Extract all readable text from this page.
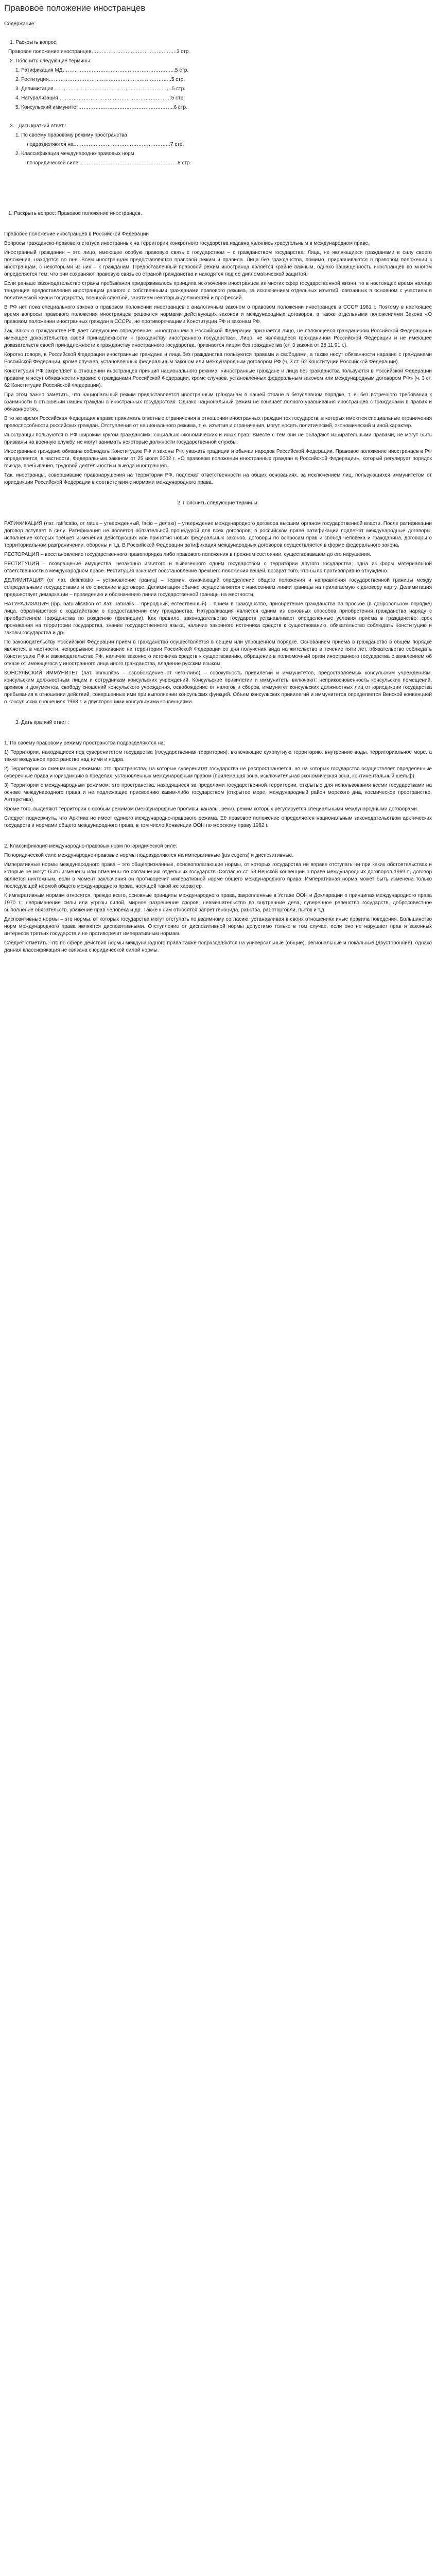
Правовое положение иностранцев

Содержание:

1. Раскрыть вопрос:

Правовое положение иностранцев…………………………………………..3 стр.

2. Пояснить следующие термины:

1. Ратификация МД………………………………………………………...5 стр.

2. Реституция……………………………………………………………...5 стр.

3. Делимитация……………………………………………………………5 стр.

4. Натурализация…………………………………………………………5 стр.

5. Консульский иммунитет………………………………………………..6 стр.

3.   Дать краткий ответ :

1. По своему правовому режиму пространства

подразделяются на:………………………………………………..7 стр.

2. Классификация международно-правовых норм

по юридической силе:…………………………………………………8 стр.

1. Раскрыть вопрос: Правовое положение иностранцев.

Правовое положение иностранцев в Российской Федерации

Вопросы гражданско-правового статуса иностранных на территории конкретного государства издавна являлись краеугольным в международном праве.

Иностранный гражданин – это лицо, имеющее особую правовую связь с государством – с гражданством государства. Лица, не являющиеся гражданами в силу своего положения, находятся во вне. Всем иностранцам предоставляются правовой режим и правила. Лица без гражданства, помимо, приравниваются в правовом положении к иностранцам, с некоторыми из них – к гражданам. Предоставленный правовой режим иностранца является крайне важным, однако защищенность иностранцев во многом определяется тем, что они сохраняют правовую связь со страной гражданства и находятся под ее дипломатической защитой.

Если раньше законодательство страны пребывания придерживалось принципа исключения иностранцев из многих сфер государственной жизни, то в настоящее время налицо тенденция предоставления иностранцам равного с собственными гражданами правового режима, за исключением отдельных изъятий, связанных в основном с участием в политической жизни государства, военной службой, занятием некоторых должностей и профессий.

В РФ нет пока специального закона о правовом положении иностранцев с аналогичным законом о правовом положении иностранцев в СССР 1981 г. Поэтому в настоящее время вопросы правового положения иностранцев решаются нормами действующих законов и международных договоров, а также отдельными положениями Закона «О правовом положении иностранных граждан в СССР», не противоречащими Конституции РФ и законам РФ.

Так, Закон о гражданстве РФ дает следующее определение: «иностранцем в Российской Федерации признается лицо, не являющееся гражданином Российской Федерации и имеющее доказательства своей принадлежности к гражданству иностранного государства». Лицо, не являющееся гражданином Российской Федерации и не имеющее доказательств своей принадлежности к гражданству иностранного государства, признается лицом без гражданства (ст. 3 закона от 28.11.91 г.).

Коротко говоря, в Российской Федерации иностранные граждане и лица без гражданства пользуются правами и свободами, а также несут обязанности наравне с гражданами Российской Федерации, кроме случаев, установленных федеральным законом или международным договором РФ (ч. 3 ст. 62 Конституции Российской Федерации).

Конституция РФ закрепляет в отношении иностранцев принцип национального режима: «иностранные граждане и лица без гражданства пользуются в Российской Федерации правами и несут обязанности наравне с гражданами Российской Федерации, кроме случаев, установленных федеральным законом или международным договором РФ» (ч. 3 ст. 62 Конституции Российской Федерации).

При этом важно заметить, что национальный режим предоставляется иностранным гражданам в нашей стране в безусловном порядке, т. е. без встречного требования к взаимности в отношении наших граждан в иностранных государствах. Однако национальный режим не означает полного уравнивания иностранцев с гражданами в правах и обязанностях.

В то же время Российская Федерация вправе принимать ответные ограничения в отношении иностранных граждан тех государств, в которых имеются специальные ограничения правоспособности российских граждан. Отступления от национального режима, т. е. изъятия и ограничения, могут носить политический, экономический и иной характер.

Иностранцы пользуются в РФ широким кругом гражданских, социально-экономических и иных прав. Вместе с тем они не обладают избирательными правами, не могут быть призваны на военную службу, не могут занимать некоторые должности государственной службы.

Иностранные граждане обязаны соблюдать Конституцию РФ и законы РФ, уважать традиции и обычаи народов Российской Федерации. Правовое положение иностранцев в РФ определяется, в частности, Федеральным законом от 25 июля 2002 г. «О правовом положении иностранных граждан в Российской Федерации», который регулирует порядок въезда, пребывания, трудовой деятельности и выезда иностранцев.

Так, иностранцы, совершившие правонарушения на территории РФ, подлежат ответственности на общих основаниях, за исключением лиц, пользующихся иммунитетом от юрисдикции Российской Федерации в соответствии с нормами международного права.

2. Пояснить следующие термины:

РАТИФИКАЦИЯ (лат. ratificatio, от ratus – утвержденный, facio – делаю) – утверждение международного договора высшим органом государственной власти. После ратификации договор вступает в силу. Ратификация не является обязательной процедурой для всех договоров; в российском праве ратификации подлежат международные договоры, исполнение которых требует изменения действующих или принятия новых федеральных законов, договоры по вопросам прав и свобод человека и гражданина, договоры о территориальном разграничении, обороны и т.д. В Российской Федерации ратификация международных договоров осуществляется в форме федерального закона.

РЕСТОРАЦИЯ – восстановление государственного правопорядка либо правового положения в прежнем состоянии, существовавшем до его нарушения.

РЕСТИТУЦИЯ – возвращение имущества, незаконно изъятого и вывезенного одним государством с территории другого государства; одна из форм материальной ответственности в международном праве. Реституция означает восстановление прежнего положения вещей, возврат того, что было противоправно отчуждено.

ДЕЛИМИТАЦИЯ (от лат. delimitatio – установление границ) – термин, означающий определение общего положения и направления государственной границы между сопредельными государствами и ее описание в договоре. Делимитация обычно осуществляется с нанесением линии границы на прилагаемую к договору карту. Делимитация предшествует демаркации – проведению и обозначению линии государственной границы на местности.

НАТУРАЛИЗАЦИЯ (фр. naturalisation от лат. naturalis – природный, естественный) – прием в гражданство, приобретение гражданства по просьбе (в добровольном порядке) лица, обратившегося с ходатайством о предоставлении ему гражданства. Натурализация является одним из основных способов приобретения гражданства наряду с приобретением гражданства по рождению (филиации). Как правило, законодательство государств устанавливает определенные условия приема в гражданство: срок проживания на территории государства, знание государственного языка, наличие законного источника средств к существованию, обязательство соблюдать Конституцию и законы государства и др.

По законодательству Российской Федерации прием в гражданство осуществляется в общем или упрощенном порядке. Основанием приема в гражданство в общем порядке является, в частности, непрерывное проживание на территории Российской Федерации со дня получения вида на жительство в течение пяти лет, обязательство соблюдать Конституцию РФ и законодательство РФ, наличие законного источника средств к существованию, обращение в полномочный орган иностранного государства с заявлением об отказе от имеющегося у иностранного лица иного гражданства, владение русским языком.

КОНСУЛЬСКИЙ ИММУНИТЕТ (лат. immunitas – освобождение от чего-либо) – совокупность привилегий и иммунитетов, предоставляемых консульским учреждениям, консульским должностным лицам и сотрудникам консульских учреждений. Консульские привилегии и иммунитеты включают: неприкосновенность консульских помещений, архивов и документов, свободу сношений консульского учреждения, освобождение от налогов и сборов, иммунитет консульских должностных лиц от юрисдикции государства пребывания в отношении действий, совершенных ими при выполнении консульских функций. Объем консульских привилегий и иммунитетов определяется Венской конвенцией о консульских сношениях 1963 г. и двусторонними консульскими конвенциями.

3. Дать краткий ответ :

1. По своему правовому режиму пространства подразделяются на:

1) Территории, находящиеся под суверенитетом государства (государственная территория), включающие сухопутную территорию, внутренние воды, территориальное море, а также воздушное пространство над ними и недра.

2) Территории со смешанным режимом: это пространства, на которые суверенитет государства не распространяется, но на которых государство осуществляет определенные суверенные права и юрисдикцию в пределах, установленных международным правом (прилежащая зона, исключительная экономическая зона, континентальный шельф).

3) Территории с международным режимом: это пространства, находящиеся за пределами государственной территории, открытые для использования всеми государствами на основе международного права и не подлежащие присвоению каким-либо государством (открытое море, международный район морского дна, космическое пространство, Антарктика).

Кроме того, выделяют территории с особым режимом (международные проливы, каналы, реки), режим которых регулируется специальными международными договорами.

Следует подчеркнуть, что Арктика не имеет единого международно-правового режима. Её правовое положение определяется национальным законодательством арктических государств и нормами общего международного права, в том числе Конвенции ООН по морскому праву 1982 г.

2. Классификация международно-правовых норм по юридической силе:

По юридической силе международно-правовые нормы подразделяются на императивные (jus cogens) и диспозитивные.

Императивные нормы международного права – это общепризнанные, основополагающие нормы, от которых государства не вправе отступать ни при каких обстоятельствах и которые не могут быть изменены или отменены по соглашению отдельных государств. Согласно ст. 53 Венской конвенции о праве международных договоров 1969 г., договор является ничтожным, если в момент заключения он противоречит императивной норме общего международного права. Императивная норма может быть изменена только последующей нормой общего международного права, носящей такой же характер.

К императивным нормам относятся, прежде всего, основные принципы международного права, закрепленные в Уставе ООН и Декларации о принципах международного права 1970 г.: неприменение силы или угрозы силой, мирное разрешение споров, невмешательство во внутренние дела, суверенное равенство государств, добросовестное выполнение обязательств, уважение прав человека и др. Также к ним относятся запрет геноцида, рабства, работорговли, пыток и т.д.

Диспозитивные нормы – это нормы, от которых государства могут отступать по взаимному согласию, устанавливая в своих отношениях иные правила поведения. Большинство норм международного права являются диспозитивными. Отступление от диспозитивной нормы допустимо только в том случае, если оно не нарушает прав и законных интересов третьих государств и не противоречит императивным нормам.

Следует отметить, что по сфере действия нормы международного права также подразделяются на универсальные (общие), региональные и локальные (двусторонние), однако данная классификация не связана с юридической силой нормы.
